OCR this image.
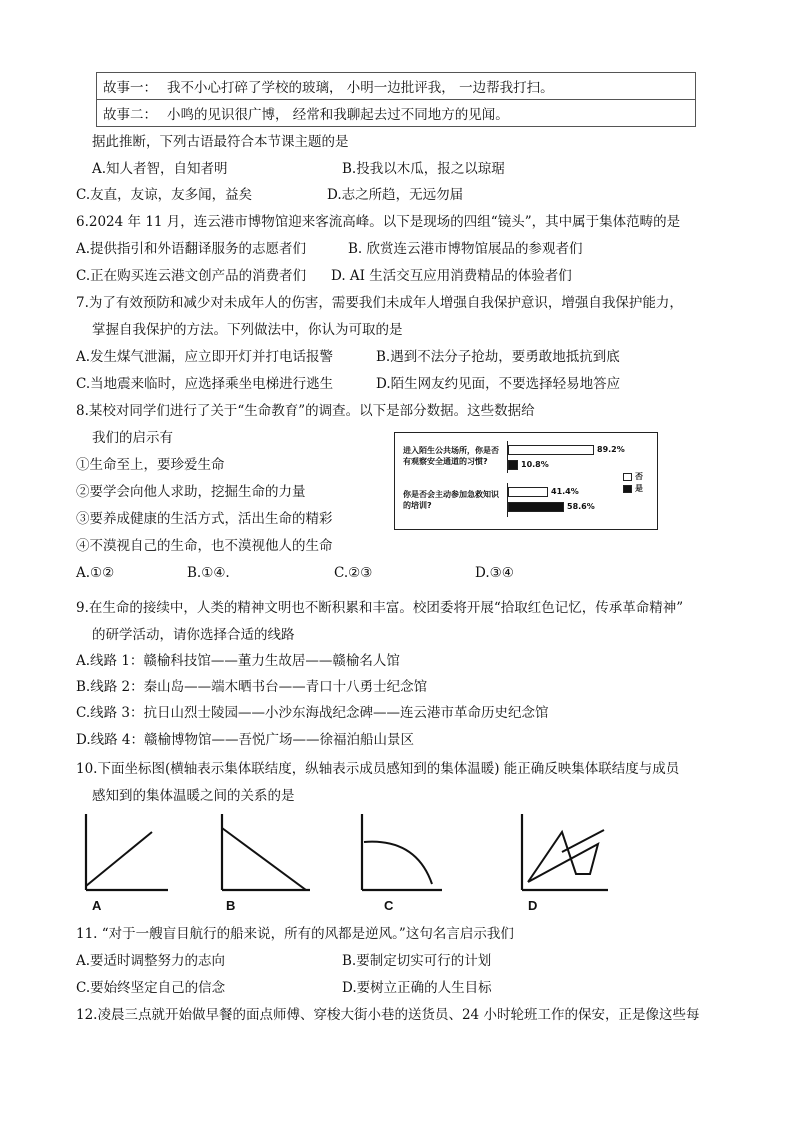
故事一： 我不小心打碎了学校的玻璃， 小明一边批评我， 一边帮我打扫。
故事二： 小鸣的见识很广博， 经常和我聊起去过不同地方的见闻。
据此推断，下列古语最符合本节课主题的是
A.知人者智，自知者明	B.投我以木瓜，报之以琼琚
C.友直，友谅，友多闻，益矣	D.志之所趋，无远勿届
6.2024 年 11 月，连云港市博物馆迎来客流高峰。以下是现场的四组“镜头”，其中属于集体范畴的是
A.提供指引和外语翻译服务的志愿者们	B. 欣赏连云港市博物馆展品的参观者们
C.正在购买连云港文创产品的消费者们 D. AI 生活交互应用消费精品的体验者们
7.为了有效预防和减少对未成年人的伤害，需要我们未成年人增强自我保护意识，增强自我保护能力，
掌握自我保护的方法。下列做法中，你认为可取的是
A.发生煤气泄漏，应立即开灯并打电话报警	B.遇到不法分子抢劫，要勇敢地抵抗到底
C.当地震来临时，应选择乘坐电梯进行逃生	D.陌生网友约见面，不要选择轻易地答应
8.某校对同学们进行了关于“生命教育”的调查。以下是部分数据。这些数据给
我们的启示有
①生命至上，要珍爱生命
②要学会向他人求助，挖掘生命的力量
③要养成健康的生活方式，活出生命的精彩
④不漠视自己的生命，也不漠视他人的生命
A.①②	B.①④.	C.②③	D.③④
进入陌生公共场所，你是否有观察安全通道的习惯?
你是否会主动参加急救知识的培训?
89.2%
10.8%
41.4%
58.6%
否
是
9.在生命的接续中，人类的精神文明也不断积累和丰富。校团委将开展“拾取红色记忆，传承革命精神”
的研学活动，请你选择合适的线路
A.线路 1：赣榆科技馆——董力生故居——赣榆名人馆
B.线路 2：秦山岛——端木晒书台——青口十八勇士纪念馆
C.线路 3：抗日山烈士陵园——小沙东海战纪念碑——连云港市革命历史纪念馆
D.线路 4：赣榆博物馆——吾悦广场——徐福泊船山景区
10.下面坐标图(横轴表示集体联结度，纵轴表示成员感知到的集体温暖) 能正确反映集体联结度与成员
感知到的集体温暖之间的关系的是
A	B	C	D
11. “对于一艘盲目航行的船来说，所有的风都是逆风。”这句名言启示我们
A.要适时调整努力的志向	B.要制定切实可行的计划
C.要始终坚定自己的信念	D.要树立正确的人生目标
12.凌晨三点就开始做早餐的面点师傅、穿梭大街小巷的送货员、24 小时轮班工作的保安，正是像这些每
